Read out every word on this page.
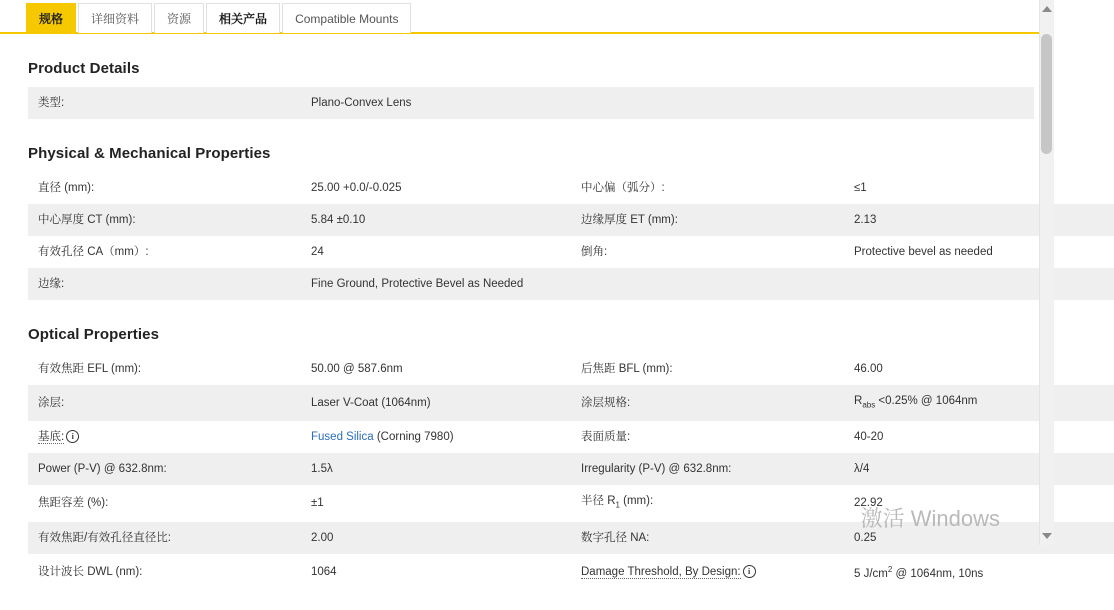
规格	详细资料	资源	相关产品	Compatible Mounts
Product Details
类型:	Plano-Convex Lens
Physical & Mechanical Properties
直径 (mm):	25.00 +0.0/-0.025	中心偏（弧分）:	≤1
中心厚度 CT (mm):	5.84 ±0.10	边缘厚度 ET (mm):	2.13
有效孔径 CA（mm）:	24	倒角:	Protective bevel as needed
边缘:	Fine Ground, Protective Bevel as Needed		
Optical Properties
有效焦距 EFL (mm):	50.00 @ 587.6nm	后焦距 BFL (mm):	46.00
涂层:	Laser V-Coat (1064nm)	涂层规格:	$R_{abs} <0.25\%$ @ 1064nm
基底: i	Fused Silica (Corning 7980)	表面质量:	40-20
Power (P-V) @ 632.8nm:	1.5λ	Irregularity (P-V) @ 632.8nm:	λ/4
焦距容差 (%):	±1	半径 $R_1$ (mm):	22.92
有效焦距/有效孔径直径比:	2.00	数字孔径 NA:	0.25
设计波长 DWL (nm):	1064	Damage Threshold, By Design: i	5 $J/cm^2$ @ 1064nm, 10ns

激活 Windows
